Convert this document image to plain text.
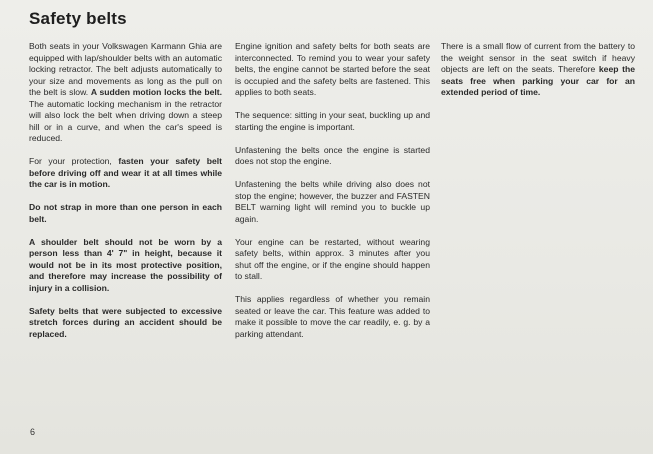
Safety belts

Both seats in your Volkswagen Karmann Ghia are equipped with lap/shoulder belts with an automatic locking retractor. The belt adjusts automatically to your size and movements as long as the pull on the belt is slow. A sudden motion locks the belt. The automatic locking mechanism in the retractor will also lock the belt when driving down a steep hill or in a curve, and when the car's speed is reduced.

For your protection, fasten your safety belt before driving off and wear it at all times while the car is in motion.

Do not strap in more than one person in each belt.

A shoulder belt should not be worn by a person less than 4' 7" in height, because it would not be in its most protective position, and therefore may increase the possibility of injury in a collision.

Safety belts that were subjected to excessive stretch forces during an accident should be replaced.

Engine ignition and safety belts for both seats are interconnected. To remind you to wear your safety belts, the engine cannot be started before the seat is occupied and the safety belts are fastened. This applies to both seats.

The sequence: sitting in your seat, buckling up and starting the engine is important.

Unfastening the belts once the engine is started does not stop the engine.

Unfastening the belts while driving also does not stop the engine; however, the buzzer and FASTEN BELT warning light will remind you to buckle up again.

Your engine can be restarted, without wearing safety belts, within approx. 3 minutes after you shut off the engine, or if the engine should happen to stall.

This applies regardless of whether you remain seated or leave the car. This feature was added to make it possible to move the car readily, e. g. by a parking attendant.

There is a small flow of current from the battery to the weight sensor in the seat switch if heavy objects are left on the seats. Therefore keep the seats free when parking your car for an extended period of time.

6
